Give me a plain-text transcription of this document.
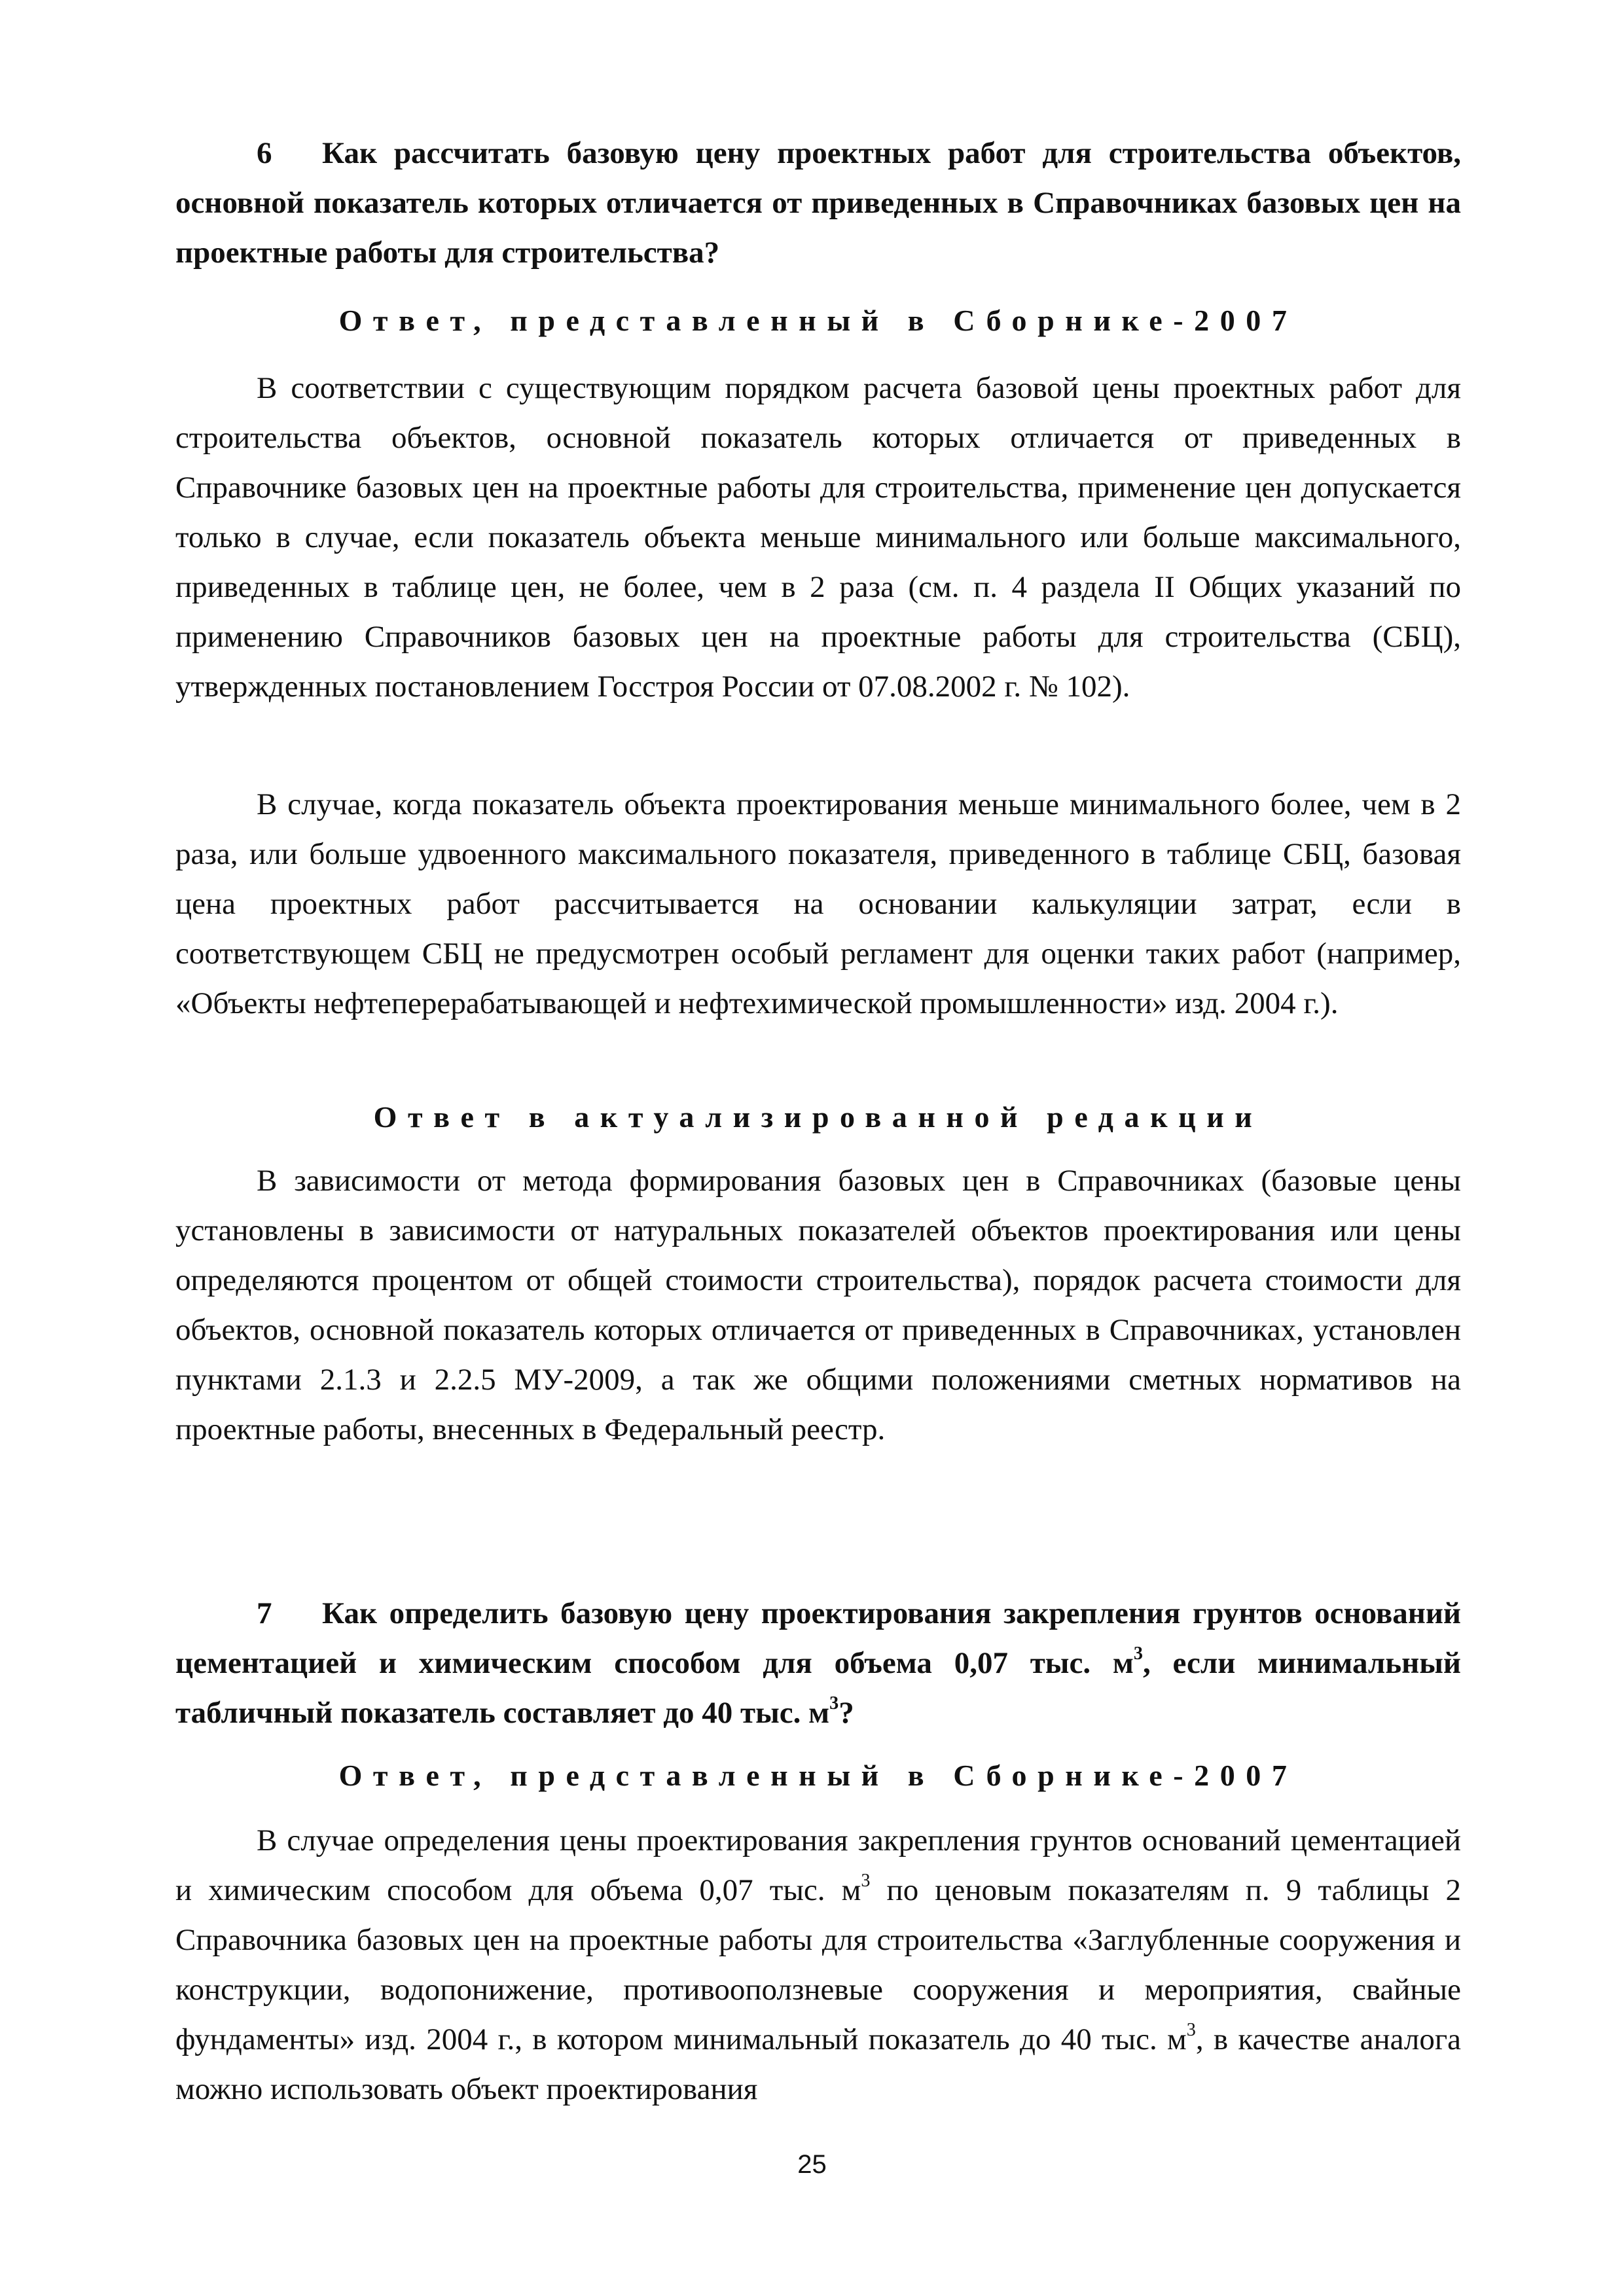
6 Как рассчитать базовую цену проектных работ для строительства объектов, основной показатель которых отличается от приведенных в Справочниках базовых цен на проектные работы для строительства?
Ответ, представленный в Сборнике-2007
В соответствии с существующим порядком расчета базовой цены проектных работ для строительства объектов, основной показатель которых отличается от приведенных в Справочнике базовых цен на проектные работы для строительства, применение цен допускается только в случае, если показатель объекта меньше минимального или больше максимального, приведенных в таблице цен, не более, чем в 2 раза (см. п. 4 раздела II Общих указаний по применению Справочников базовых цен на проектные работы для строительства (СБЦ), утвержденных постановлением Госстроя России от 07.08.2002 г. № 102).
В случае, когда показатель объекта проектирования меньше минимального более, чем в 2 раза, или больше удвоенного максимального показателя, приведенного в таблице СБЦ, базовая цена проектных работ рассчитывается на основании калькуляции затрат, если в соответствующем СБЦ не предусмотрен особый регламент для оценки таких работ (например, «Объекты нефтеперерабатывающей и нефтехимической промышленности» изд. 2004 г.).
Ответ в актуализированной редакции
В зависимости от метода формирования базовых цен в Справочниках (базовые цены установлены в зависимости от натуральных показателей объектов проектирования или цены определяются процентом от общей стоимости строительства), порядок расчета стоимости для объектов, основной показатель которых отличается от приведенных в Справочниках, установлен пунктами 2.1.3 и 2.2.5 МУ-2009, а так же общими положениями сметных нормативов на проектные работы, внесенных в Федеральный реестр.
7 Как определить базовую цену проектирования закрепления грунтов оснований цементацией и химическим способом для объема 0,07 тыс. $м^3$, если минимальный табличный показатель составляет до 40 тыс. $м^3$?
Ответ, представленный в Сборнике-2007
В случае определения цены проектирования закрепления грунтов оснований цементацией и химическим способом для объема 0,07 тыс. $м^3$ по ценовым показателям п. 9 таблицы 2 Справочника базовых цен на проектные работы для строительства «Заглубленные сооружения и конструкции, водопонижение, противооползневые сооружения и мероприятия, свайные фундаменты» изд. 2004 г., в котором минимальный показатель до 40 тыс. $м^3$, в качестве аналога можно использовать объект проектирования
25
